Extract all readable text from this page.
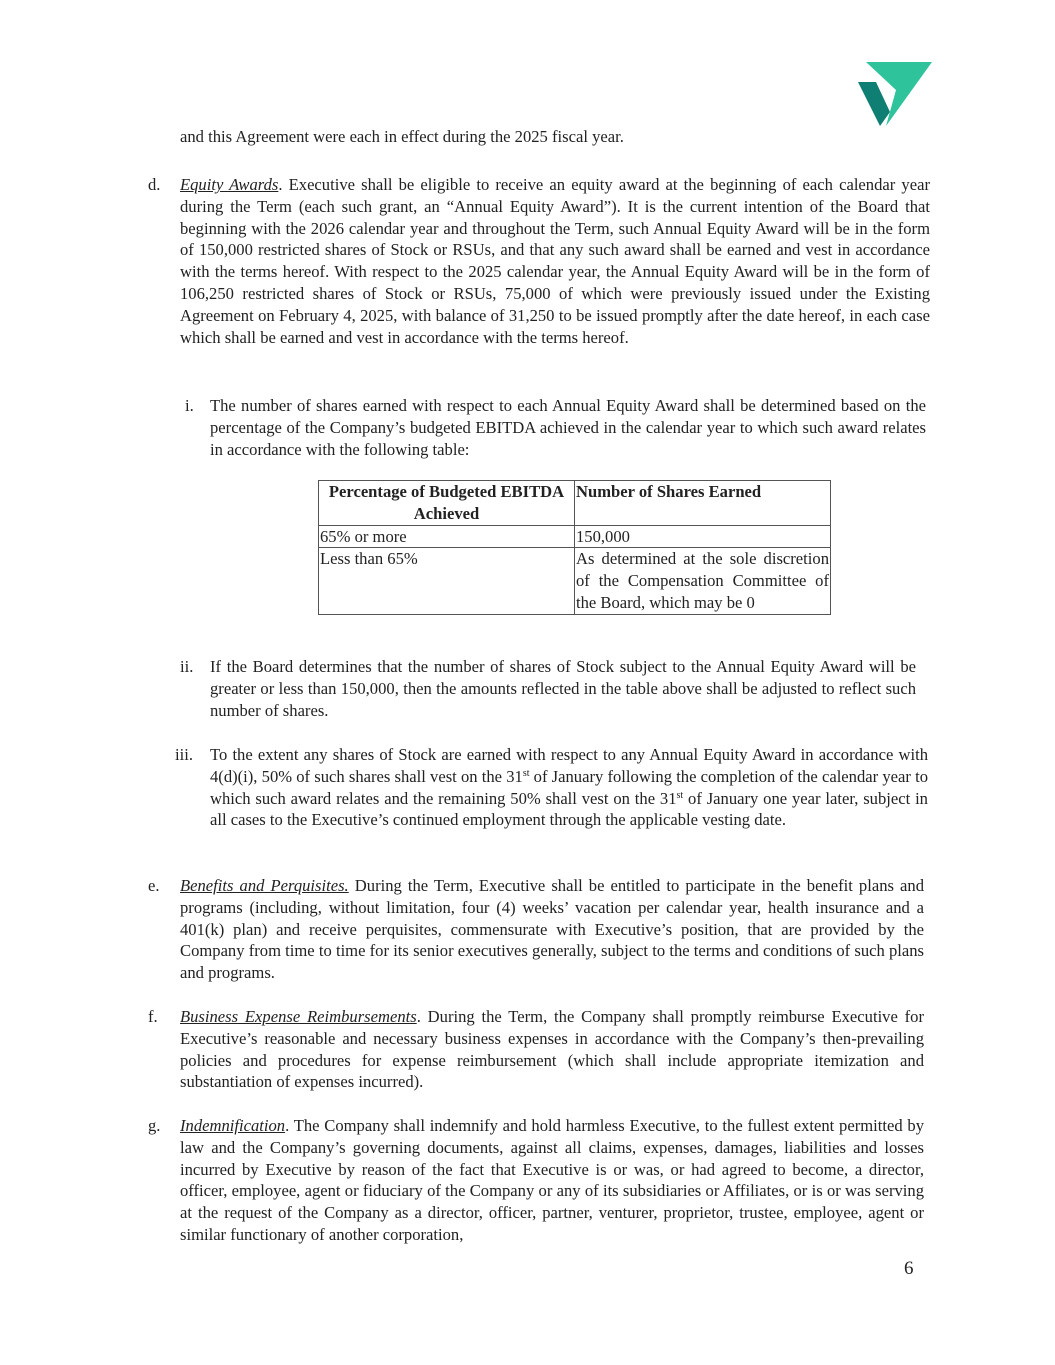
and this Agreement were each in effect during the 2025 fiscal year.
d. Equity Awards. Executive shall be eligible to receive an equity award at the beginning of each calendar year during the Term (each such grant, an “Annual Equity Award”). It is the current intention of the Board that beginning with the 2026 calendar year and throughout the Term, such Annual Equity Award will be in the form of 150,000 restricted shares of Stock or RSUs, and that any such award shall be earned and vest in accordance with the terms hereof. With respect to the 2025 calendar year, the Annual Equity Award will be in the form of 106,250 restricted shares of Stock or RSUs, 75,000 of which were previously issued under the Existing Agreement on February 4, 2025, with balance of 31,250 to be issued promptly after the date hereof, in each case which shall be earned and vest in accordance with the terms hereof.
i. The number of shares earned with respect to each Annual Equity Award shall be determined based on the percentage of the Company’s budgeted EBITDA achieved in the calendar year to which such award relates in accordance with the following table:
Percentage of Budgeted EBITDA Achieved	Number of Shares Earned
65% or more	150,000
Less than 65%	As determined at the sole discretion of the Compensation Committee of the Board, which may be 0
ii. If the Board determines that the number of shares of Stock subject to the Annual Equity Award will be greater or less than 150,000, then the amounts reflected in the table above shall be adjusted to reflect such number of shares.
iii. To the extent any shares of Stock are earned with respect to any Annual Equity Award in accordance with 4(d)(i), 50% of such shares shall vest on the 31st of January following the completion of the calendar year to which such award relates and the remaining 50% shall vest on the 31st of January one year later, subject in all cases to the Executive’s continued employment through the applicable vesting date.
e. Benefits and Perquisites. During the Term, Executive shall be entitled to participate in the benefit plans and programs (including, without limitation, four (4) weeks’ vacation per calendar year, health insurance and a 401(k) plan) and receive perquisites, commensurate with Executive’s position, that are provided by the Company from time to time for its senior executives generally, subject to the terms and conditions of such plans and programs.
f. Business Expense Reimbursements. During the Term, the Company shall promptly reimburse Executive for Executive’s reasonable and necessary business expenses in accordance with the Company’s then-prevailing policies and procedures for expense reimbursement (which shall include appropriate itemization and substantiation of expenses incurred).
g. Indemnification. The Company shall indemnify and hold harmless Executive, to the fullest extent permitted by law and the Company’s governing documents, against all claims, expenses, damages, liabilities and losses incurred by Executive by reason of the fact that Executive is or was, or had agreed to become, a director, officer, employee, agent or fiduciary of the Company or any of its subsidiaries or Affiliates, or is or was serving at the request of the Company as a director, officer, partner, venturer, proprietor, trustee, employee, agent or similar functionary of another corporation,
6
